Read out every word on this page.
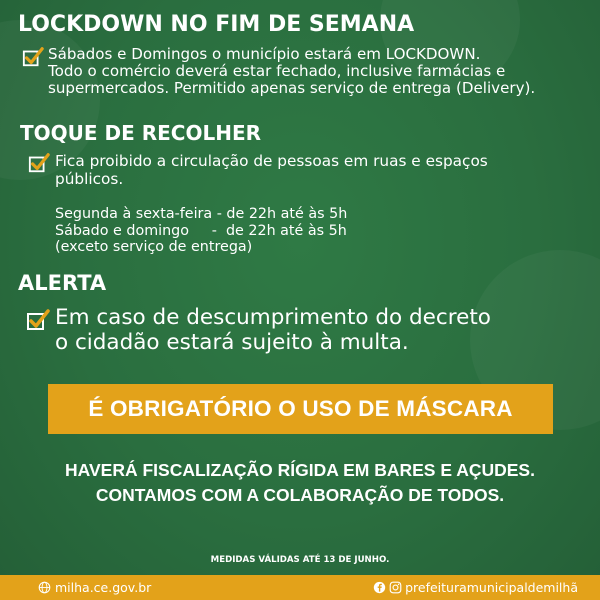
LOCKDOWN NO FIM DE SEMANA
Sábados e Domingos o município estará em LOCKDOWN.
Todo o comércio deverá estar fechado, inclusive farmácias e
supermercados. Permitido apenas serviço de entrega (Delivery).
TOQUE DE RECOLHER
Fica proibido a circulação de pessoas em ruas e espaços
públicos.
Segunda à sexta-feira - de 22h até às 5h
Sábado e domingo     -  de 22h até às 5h
(exceto serviço de entrega)
ALERTA
Em caso de descumprimento do decreto
o cidadão estará sujeito à multa.
É OBRIGATÓRIO O USO DE MÁSCARA
HAVERÁ FISCALIZAÇÃO RÍGIDA EM BARES E AÇUDES.
CONTAMOS COM A COLABORAÇÃO DE TODOS.
MEDIDAS VÁLIDAS ATÉ 13 DE JUNHO.
milha.ce.gov.br	prefeituramunicipaldemilhã
